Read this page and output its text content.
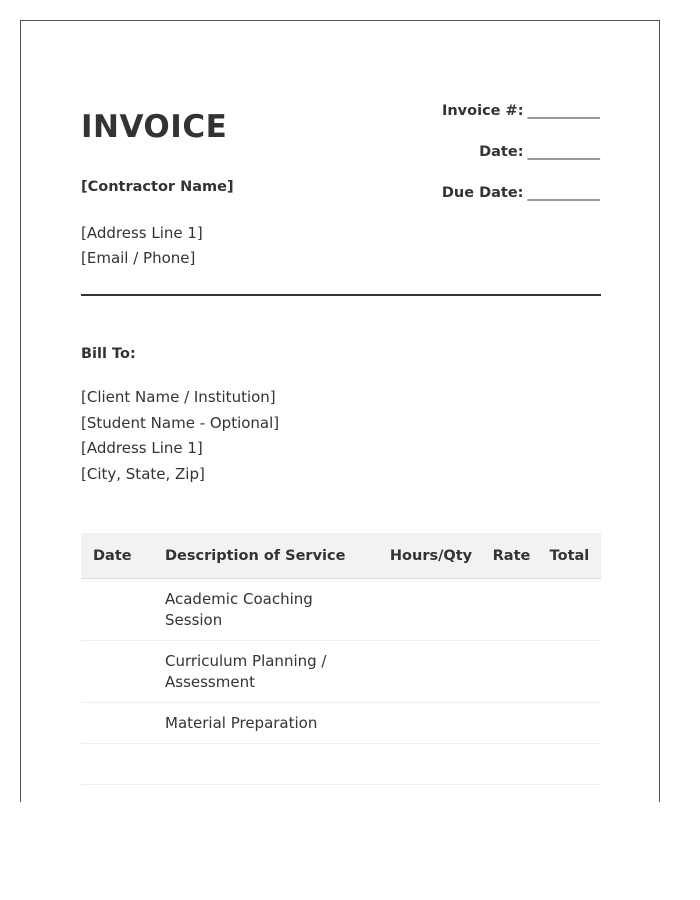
INVOICE
[Contractor Name]
[Address Line 1]
[Email / Phone]
Invoice #: __________
Date: __________
Due Date: __________
Bill To:
[Client Name / Institution]
[Student Name - Optional]
[Address Line 1]
[City, State, Zip]
Date	Description of Service	Hours/Qty	Rate	Total
	Academic Coaching Session			
	Curriculum Planning / Assessment			
	Material Preparation			
